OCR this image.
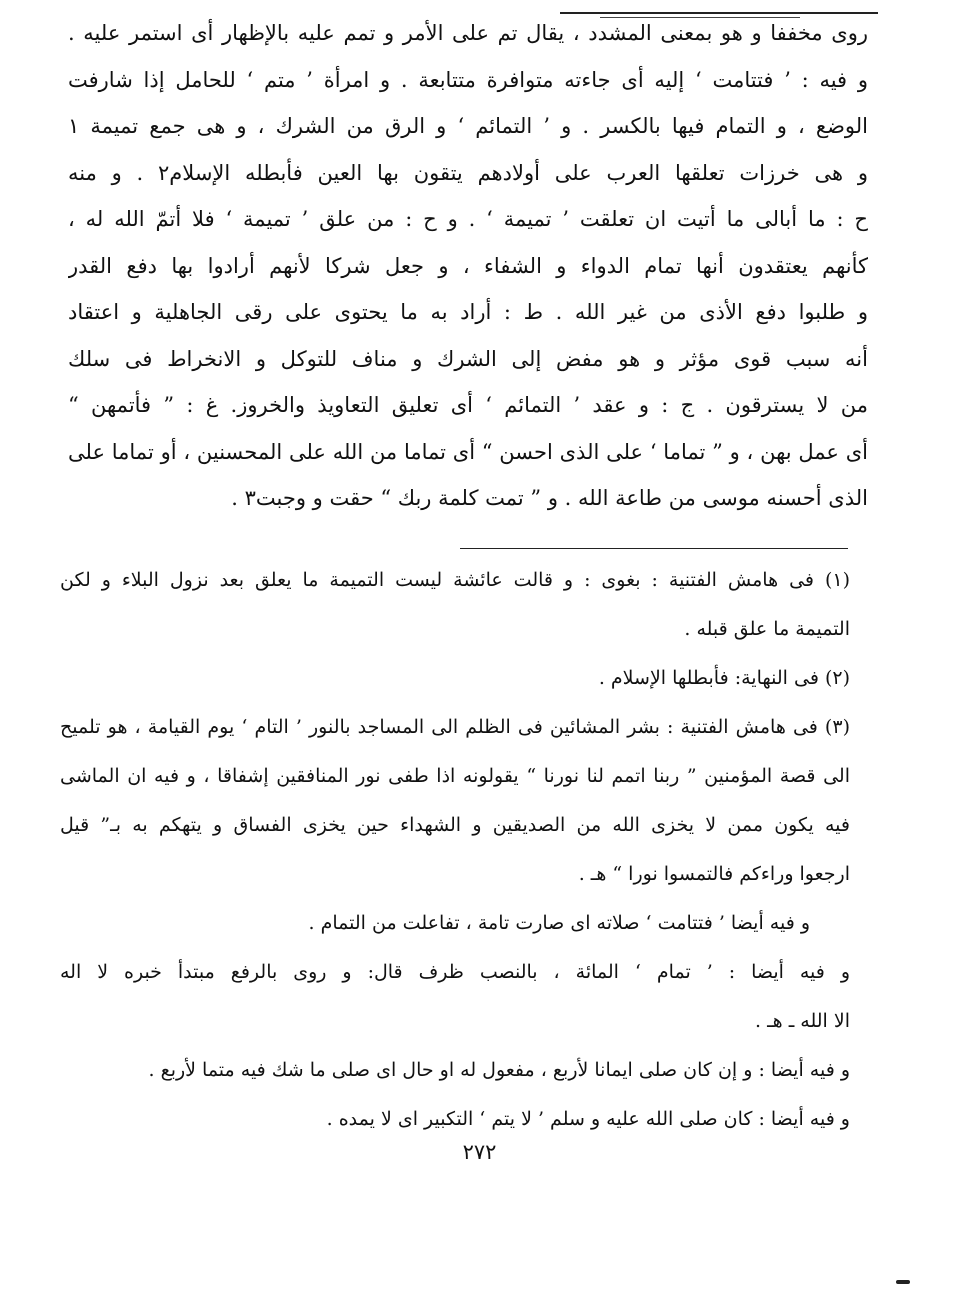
روی مخففا و هو بمعنی المشدد ، یقال تم علی الأمر و تمم علیه بالإظهار أی استمر علیه .
و فیه : ’ فتتامت ‘ إلیه أی جاءته متوافرة متتابعة . و امرأة ’ متم ‘ للحامل إذا شارفت
الوضع ، و التمام فیها بالکسر . و ’ التمائم ‘ و الرق من الشرك ، و هی جمع تمیمة ۱
و هی خرزات تعلقها العرب علی أولادهم یتقون بها العین فأبطله الإسلام۲ . و منه
ح : ما أبالی ما أتیت ان تعلقت ’ تمیمة ‘ . و ح : من علق ’ تمیمة ‘ فلا أتمّ الله له ،
کأنهم یعتقدون أنها تمام الدواء و الشفاء ، و جعل شرکا لأنهم أرادوا بها دفع القدر
و طلبوا دفع الأذی من غیر الله . ط : أراد به ما یحتوی علی رقی الجاهلیة و اعتقاد
أنه سبب قوی مؤثر و هو مفض إلی الشرك و مناف للتوکل و الانخراط فی سلك
من لا یسترقون . ج : و عقد ’ التمائم ‘ أی تعلیق التعاویذ والخروز. غ : ” فأتمهن “
أی عمل بهن ، و ” تماما ‘ علی الذی احسن “ أی تماما من الله علی المحسنین ، أو تماما علی
الذی أحسنه موسی من طاعة الله . و ” تمت کلمة ربك “ حقت و وجبت۳ .
(۱) فی هامش الفتنیة : بغوی : و قالت عائشة لیست التمیمة ما یعلق بعد نزول البلاء و لکن
التمیمة ما علق قبله .
(۲) فی النهایة: فأبطلها الإسلام .
(۳) فی هامش الفتنیة : بشر المشائین فی الظلم الی المساجد بالنور ’ التام ‘ یوم القیامة ، هو تلمیح
الی قصة المؤمنین ” ربنا اتمم لنا نورنا “ یقولونه اذا طفی نور المنافقین إشفاقا ، و فیه ان الماشی
فیه یکون ممن لا یخزی الله من الصدیقین و الشهداء حین یخزی الفساق و یتهکم به بـ” قیل
ارجعوا وراءکم فالتمسوا نورا “ هـ .
و فیه أیضا ’ فتتامت ‘ صلاته ای صارت تامة ، تفاعلت من التمام .
و فیه أیضا : ’ تمام ‘ المائة ، بالنصب ظرف قال: و روی بالرفع مبتدأ خبره لا اله
الا الله ـ هـ .
و فیه أیضا : و إن کان صلی ایمانا لأربع ، مفعول له او حال ای صلی ما شك فیه متما لأربع .
و فیه أیضا : کان صلی الله علیه و سلم ’ لا یتم ‘ التکبیر ای لا یمده .
۲۷۲
